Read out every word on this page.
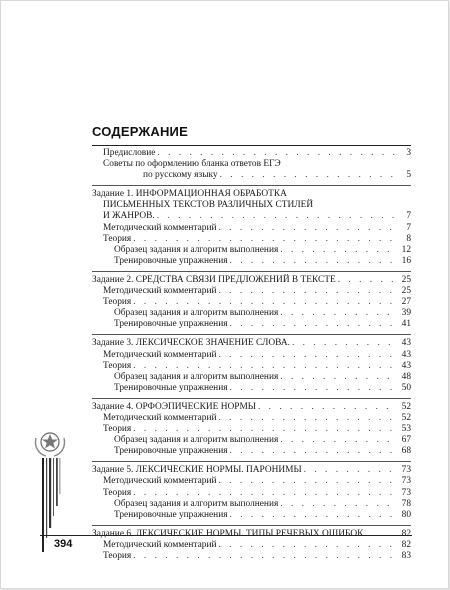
СОДЕРЖАНИЕ
Предисловие . . .	3
Советы по оформлению бланка ответов ЕГЭ
по русскому языку . . .	5
Задание 1. ИНФОРМАЦИОННАЯ ОБРАБОТКА
ПИСЬМЕННЫХ ТЕКСТОВ РАЗЛИЧНЫХ СТИЛЕЙ
И ЖАНРОВ. . . .	7
Методический комментарий . . .	7
Теория . . .	8
Образец задания и алгоритм выполнения . . .	12
Тренировочные упражнения . . .	16
Задание 2. СРЕДСТВА СВЯЗИ ПРЕДЛОЖЕНИЙ В ТЕКСТЕ . . .	25
Методический комментарий . . .	25
Теория . . .	27
Образец задания и алгоритм выполнения . . .	39
Тренировочные упражнения . . .	41
Задание 3. ЛЕКСИЧЕСКОЕ ЗНАЧЕНИЕ СЛОВА. . . .	43
Методический комментарий . . .	43
Теория . . .	43
Образец задания и алгоритм выполнения . . .	48
Тренировочные упражнения . . .	50
Задание 4. ОРФОЭПИЧЕСКИЕ НОРМЫ . . .	52
Методический комментарий . . .	52
Теория . . .	53
Образец задания и алгоритм выполнения . . .	67
Тренировочные упражнения . . .	68
Задание 5. ЛЕКСИЧЕСКИЕ НОРМЫ. ПАРОНИМЫ . . .	73
Методический комментарий . . .	73
Теория . . .	73
Образец задания и алгоритм выполнения . . .	78
Тренировочные упражнения . . .	80
Задание 6. ЛЕКСИЧЕСКИЕ НОРМЫ. ТИПЫ РЕЧЕВЫХ ОШИБОК . . .	82
Методический комментарий . . .	82
Теория . . .	83
394
